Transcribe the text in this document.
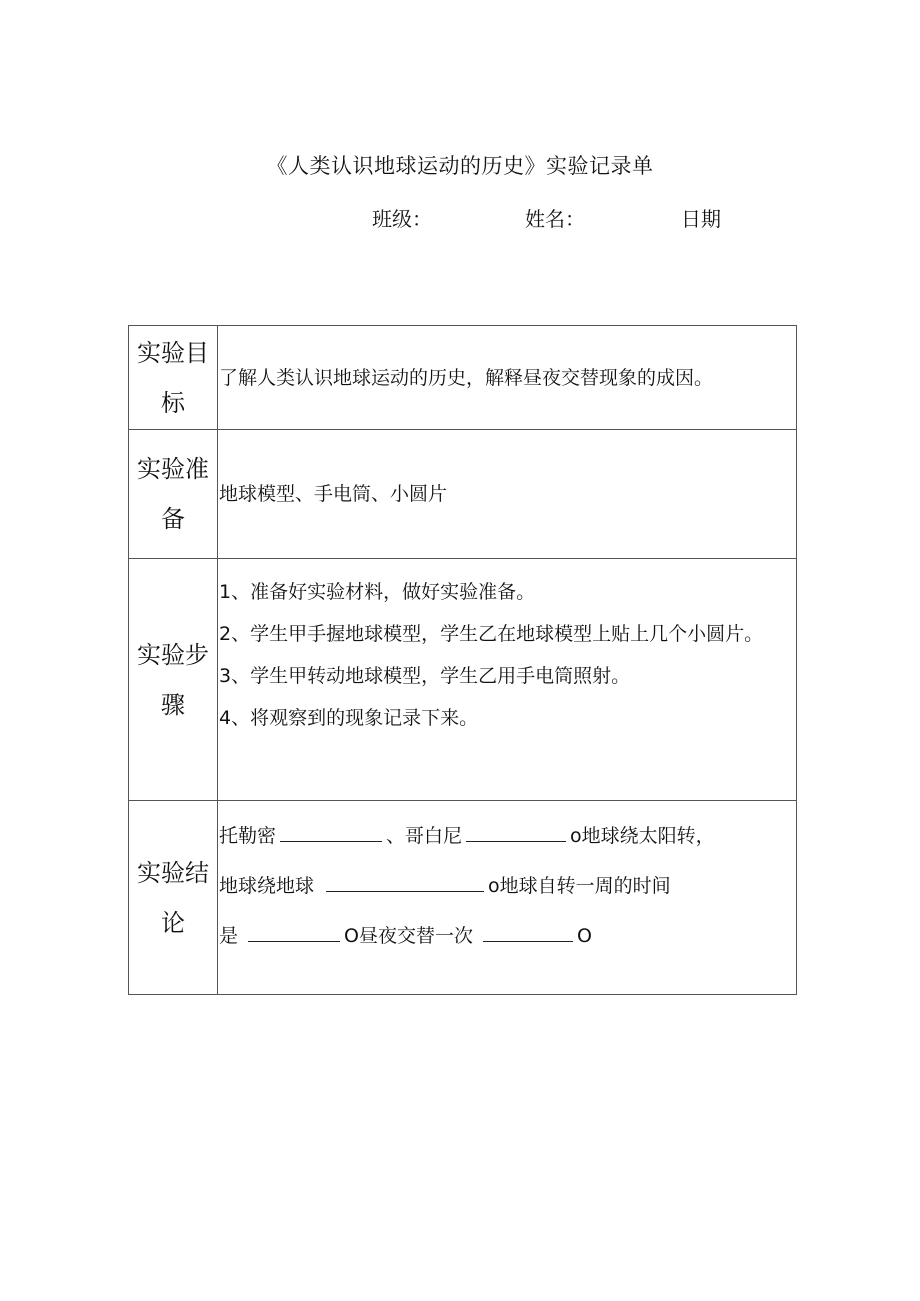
《人类认识地球运动的历史》实验记录单
班级：	姓名：	日期
实验目标	了解人类认识地球运动的历史，解释昼夜交替现象的成因。

实验准备	地球模型、手电筒、小圆片

实验步骤	1、准备好实验材料，做好实验准备。
2、学生甲手握地球模型，学生乙在地球模型上贴上几个小圆片。
3、学生甲转动地球模型，学生乙用手电筒照射。
4、将观察到的现象记录下来。

实验结论	托勒密 、哥白尼 o地球绕太阳转，
地球绕地球 o地球自转一周的时间
是 O昼夜交替一次 O
